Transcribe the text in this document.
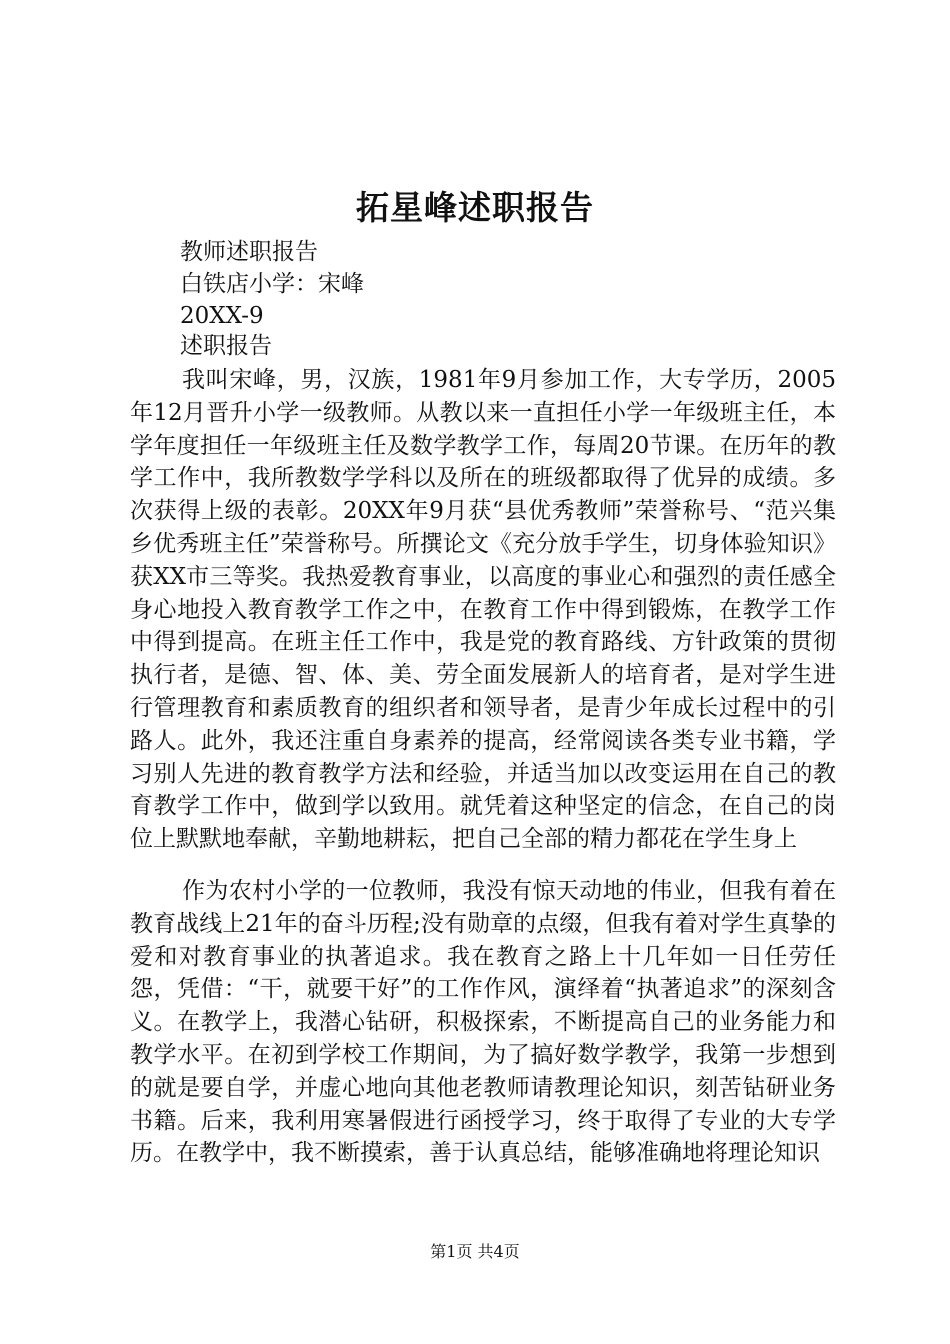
拓星峰述职报告
教师述职报告
白铁店小学：宋峰
20XX-9
述职报告

我叫宋峰，男，汉族，1981年9月参加工作，大专学历，2005年12月晋升小学一级教师。从教以来一直担任小学一年级班主任，本学年度担任一年级班主任及数学教学工作，每周20节课。在历年的教学工作中，我所教数学学科以及所在的班级都取得了优异的成绩。多次获得上级的表彰。20XX年9月获“县优秀教师”荣誉称号、“范兴集乡优秀班主任”荣誉称号。所撰论文《充分放手学生，切身体验知识》获XX市三等奖。我热爱教育事业，以高度的事业心和强烈的责任感全身心地投入教育教学工作之中，在教育工作中得到锻炼，在教学工作中得到提高。在班主任工作中，我是党的教育路线、方针政策的贯彻执行者，是德、智、体、美、劳全面发展新人的培育者，是对学生进行管理教育和素质教育的组织者和领导者，是青少年成长过程中的引路人。此外，我还注重自身素养的提高，经常阅读各类专业书籍，学习别人先进的教育教学方法和经验，并适当加以改变运用在自己的教育教学工作中，做到学以致用。就凭着这种坚定的信念，在自己的岗位上默默地奉献，辛勤地耕耘，把自己全部的精力都花在学生身上

作为农村小学的一位教师，我没有惊天动地的伟业，但我有着在教育战线上21年的奋斗历程;没有勋章的点缀，但我有着对学生真挚的爱和对教育事业的执著追求。我在教育之路上十几年如一日任劳任怨，凭借：“干，就要干好”的工作作风，演绎着“执著追求”的深刻含义。在教学上，我潜心钻研，积极探索，不断提高自己的业务能力和教学水平。在初到学校工作期间，为了搞好数学教学，我第一步想到的就是要自学，并虚心地向其他老教师请教理论知识，刻苦钻研业务书籍。后来，我利用寒暑假进行函授学习，终于取得了专业的大专学历。在教学中，我不断摸索，善于认真总结，能够准确地将理论知识

第1页 共4页
